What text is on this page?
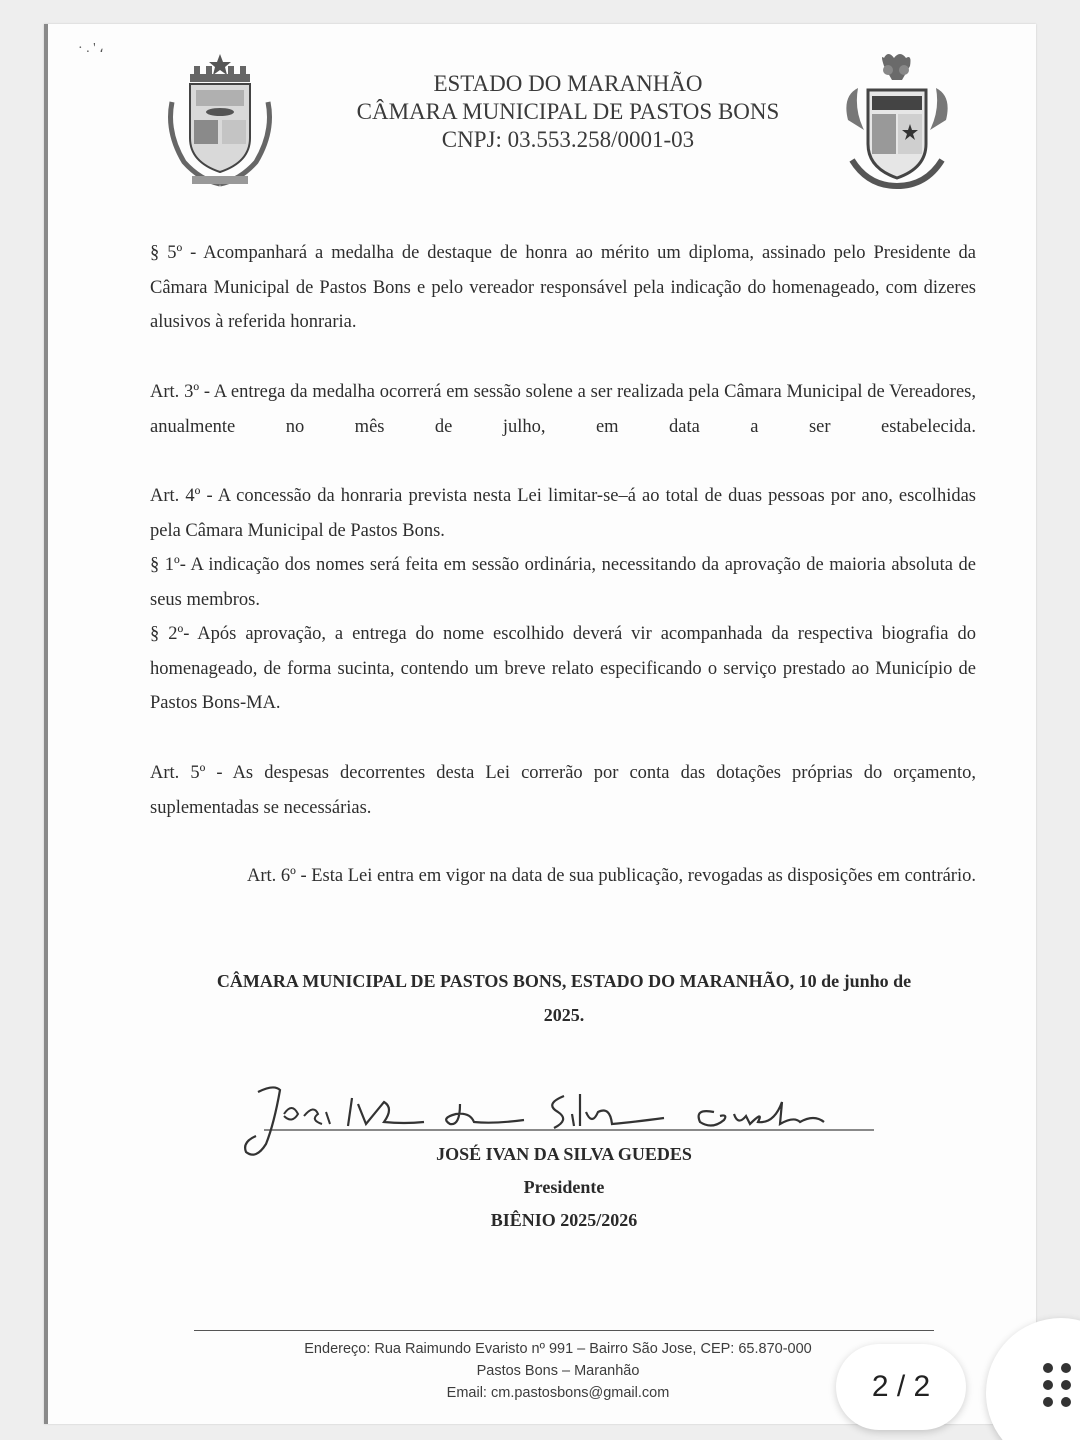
· . ' ،
ESTADO DO MARANHÃO
CÂMARA MUNICIPAL DE PASTOS BONS
CNPJ: 03.553.258/0001-03
§ 5º - Acompanhará a medalha de destaque de honra ao mérito um diploma, assinado pelo Presidente da Câmara Municipal de Pastos Bons e pelo vereador responsável pela indicação do homenageado, com dizeres alusivos à referida honraria.
Art. 3º - A entrega da medalha ocorrerá em sessão solene a ser realizada pela Câmara Municipal de Vereadores, anualmente no mês de julho, em data a ser estabelecida.
Art. 4º - A concessão da honraria prevista nesta Lei limitar-se–á ao total de duas pessoas por ano, escolhidas pela Câmara Municipal de Pastos Bons.
§ 1º- A indicação dos nomes será feita em sessão ordinária, necessitando da aprovação de maioria absoluta de seus membros.
§ 2º- Após aprovação, a entrega do nome escolhido deverá vir acompanhada da respectiva biografia do homenageado, de forma sucinta, contendo um breve relato especificando o serviço prestado ao Município de Pastos Bons-MA.
Art. 5º - As despesas decorrentes desta Lei correrão por conta das dotações próprias do orçamento, suplementadas se necessárias.
Art. 6º - Esta Lei entra em vigor na data de sua publicação, revogadas as disposições em contrário.
CÂMARA MUNICIPAL DE PASTOS BONS, ESTADO DO MARANHÃO, 10 de junho de
2025.
JOSÉ IVAN DA SILVA GUEDES
Presidente
BIÊNIO 2025/2026
Endereço: Rua Raimundo Evaristo nº 991 – Bairro São Jose, CEP: 65.870-000
Pastos Bons – Maranhão
Email: cm.pastosbons@gmail.com	2 / 2
